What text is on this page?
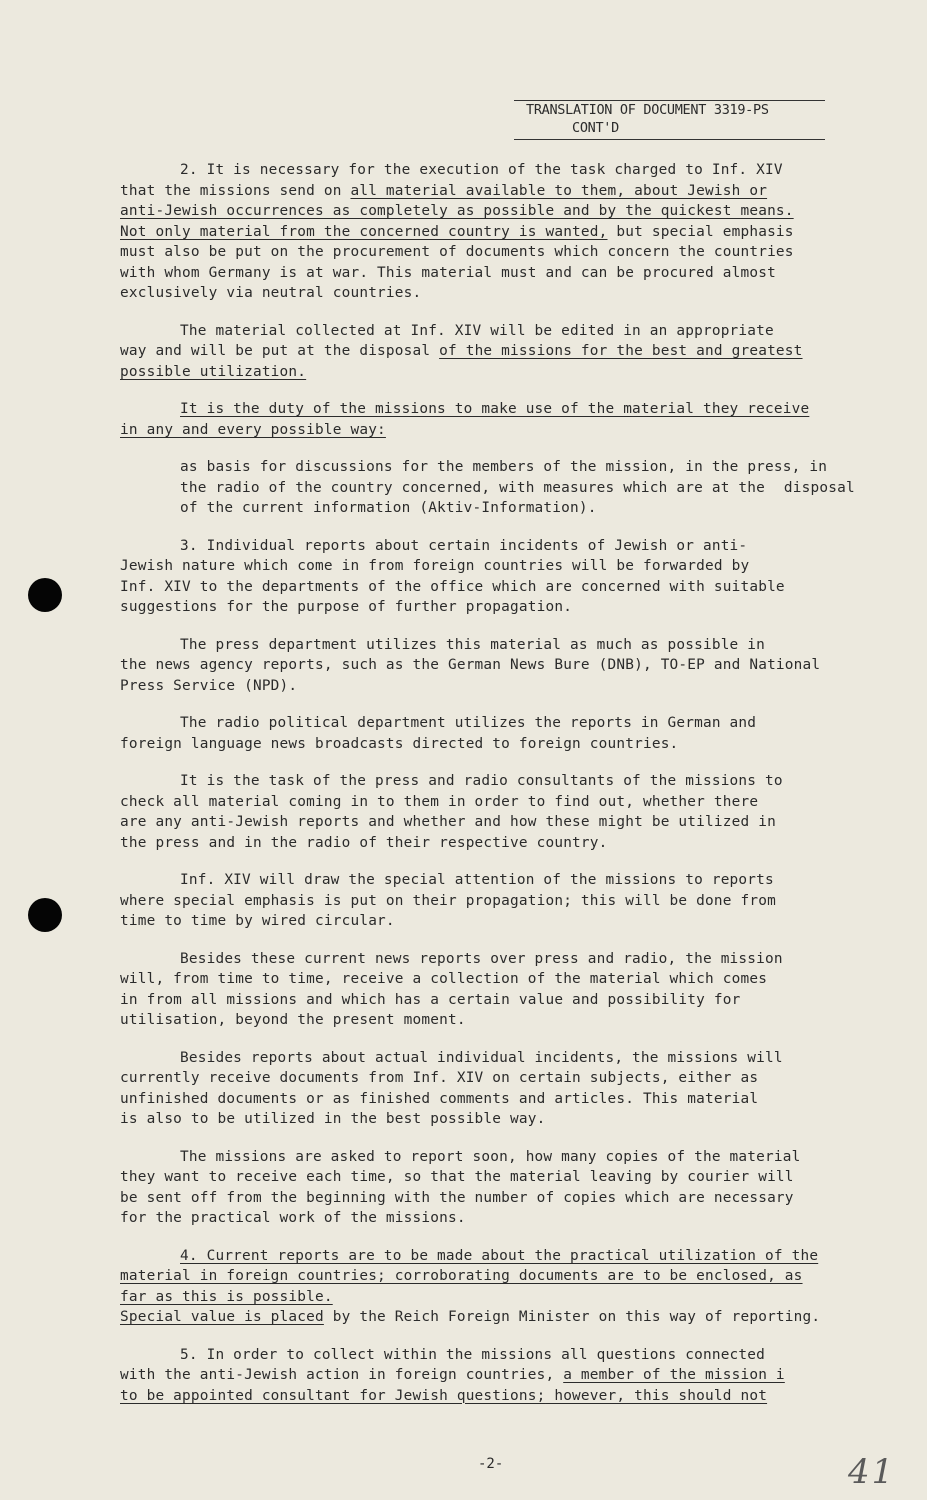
TRANSLATION OF DOCUMENT 3319-PS
CONT'D
2. It is necessary for the execution of the task charged to Inf. XIV
that the missions send on all material available to them, about Jewish or
anti-Jewish occurrences as completely as possible and by the quickest means.
Not only material from the concerned country is wanted, but special emphasis
must also be put on the procurement of documents which concern the countries
with whom Germany is at war. This material must and can be procured almost
exclusively via neutral countries.
The material collected at Inf. XIV will be edited in an appropriate
way and will be put at the disposal of the missions for the best and greatest
possible utilization.
It is the duty of the missions to make use of the material they receive
in any and every possible way:
as basis for discussions for the members of the mission, in the press, in the radio of the country concerned, with measures which are at the disposal of the current information (Aktiv-Information).
3. Individual reports about certain incidents of Jewish or anti-
Jewish nature which come in from foreign countries will be forwarded by
Inf. XIV to the departments of the office which are concerned with suitable
suggestions for the purpose of further propagation.
The press department utilizes this material as much as possible in
the news agency reports, such as the German News Bure (DNB), TO-EP and National
Press Service (NPD).
The radio political department utilizes the reports in German and
foreign language news broadcasts directed to foreign countries.
It is the task of the press and radio consultants of the missions to
check all material coming in to them in order to find out, whether there
are any anti-Jewish reports and whether and how these might be utilized in
the press and in the radio of their respective country.
Inf. XIV will draw the special attention of the missions to reports
where special emphasis is put on their propagation; this will be done from
time to time by wired circular.
Besides these current news reports over press and radio, the mission
will, from time to time, receive a collection of the material which comes
in from all missions and which has a certain value and possibility for
utilisation, beyond the present moment.
Besides reports about actual individual incidents, the missions will
currently receive documents from Inf. XIV on certain subjects, either as
unfinished documents or as finished comments and articles. This material
is also to be utilized in the best possible way.
The missions are asked to report soon, how many copies of the material
they want to receive each time, so that the material leaving by courier will
be sent off from the beginning with the number of copies which are necessary
for the practical work of the missions.
4. Current reports are to be made about the practical utilization of the
material in foreign countries; corroborating documents are to be enclosed, as
far as this is possible.
Special value is placed by the Reich Foreign Minister on this way of reporting.
5. In order to collect within the missions all questions connected
with the anti-Jewish action in foreign countries, a member of the mission i
to be appointed consultant for Jewish questions; however, this should not
-2-	41
